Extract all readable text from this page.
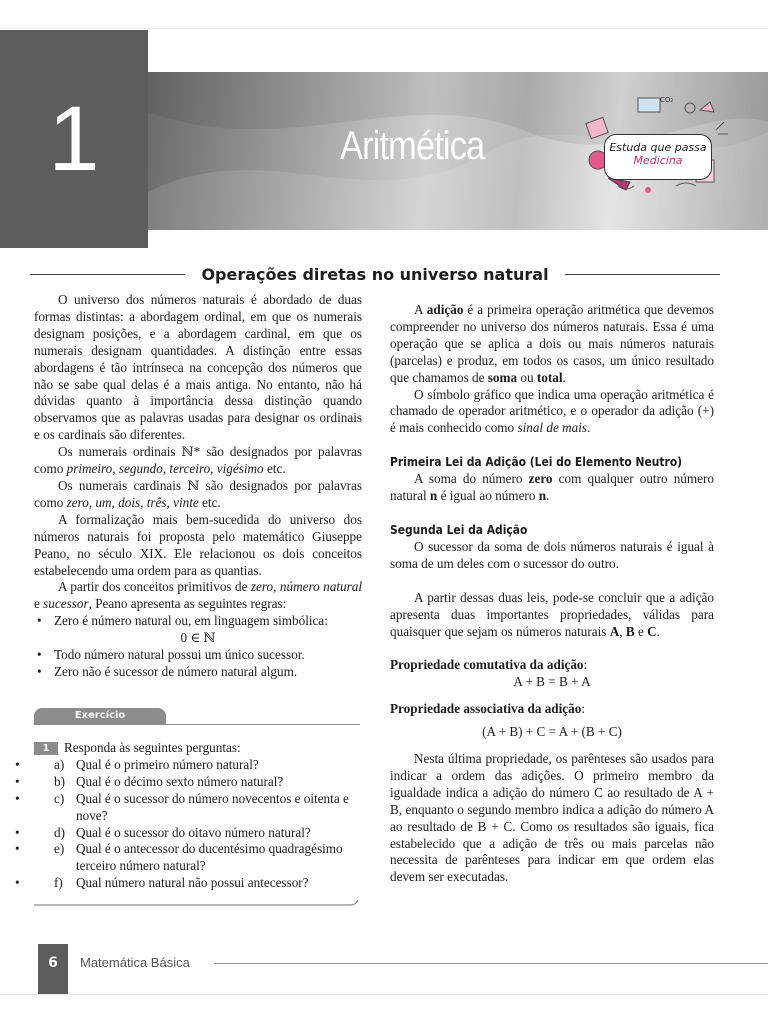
1	Aritmética
CO₂
Estuda que passa
Medicina
Operações diretas no universo natural

O universo dos números naturais é abordado de duas formas distintas: a abordagem ordinal, em que os numerais designam posições, e a abordagem cardinal, em que os numerais designam quantidades. A distinção entre essas abordagens é tão intrínseca na concepção dos números que não se sabe qual delas é a mais antiga. No entanto, não há dúvidas quanto à importância dessa distinção quando observamos que as palavras usadas para designar os ordinais e os cardinais são diferentes.

Os numerais ordinais ℕ* são designados por palavras como primeiro, segundo, terceiro, vigésimo etc.

Os numerais cardinais ℕ são designados por palavras como zero, um, dois, três, vinte etc.

A formalização mais bem-sucedida do universo dos números naturais foi proposta pelo matemático Giuseppe Peano, no século XIX. Ele relacionou os dois conceitos estabelecendo uma ordem para as quantias.

A partir dos conceitos primitivos de zero, número natural e sucessor, Peano apresenta as seguintes regras:

• Zero é número natural ou, em linguagem simbólica:
0 ∈ ℕ
• Todo número natural possui um único sucessor.
• Zero não é sucessor de número natural algum.
Exercício

1 Responda às seguintes perguntas:

• a) Qual é o primeiro número natural?
• b) Qual é o décimo sexto número natural?
• c) Qual é o sucessor do número novecentos e oitenta e nove?
• d) Qual é o sucessor do oitavo número natural?
• e) Qual é o antecessor do ducentésimo quadragésimo terceiro número natural?
• f) Qual número natural não possui antecessor?

A adição é a primeira operação aritmética que devemos compreender no universo dos números naturais. Essa é uma operação que se aplica a dois ou mais números naturais (parcelas) e produz, em todos os casos, um único resultado que chamamos de soma ou total.

O símbolo gráfico que indica uma operação aritmética é chamado de operador aritmético, e o operador da adição (+) é mais conhecido como sinal de mais.

Primeira Lei da Adição (Lei do Elemento Neutro)

A soma do número zero com qualquer outro número natural n é igual ao número n.

Segunda Lei da Adição

O sucessor da soma de dois números naturais é igual à soma de um deles com o sucessor do outro.

A partir dessas duas leis, pode-se concluir que a adição apresenta duas importantes propriedades, válidas para quaisquer que sejam os números naturais A, B e C.

Propriedade comutativa da adição:

A + B = B + A

Propriedade associativa da adição:

(A + B) + C = A + (B + C)

Nesta última propriedade, os parênteses são usados para indicar a ordem das adições. O primeiro membro da igualdade indica a adição do número C ao resultado de A + B, enquanto o segundo membro indica a adição do número A ao resultado de B + C. Como os resultados são iguais, fica estabelecido que a adição de três ou mais parcelas não necessita de parênteses para indicar em que ordem elas devem ser executadas.

6	Matemática Básica
